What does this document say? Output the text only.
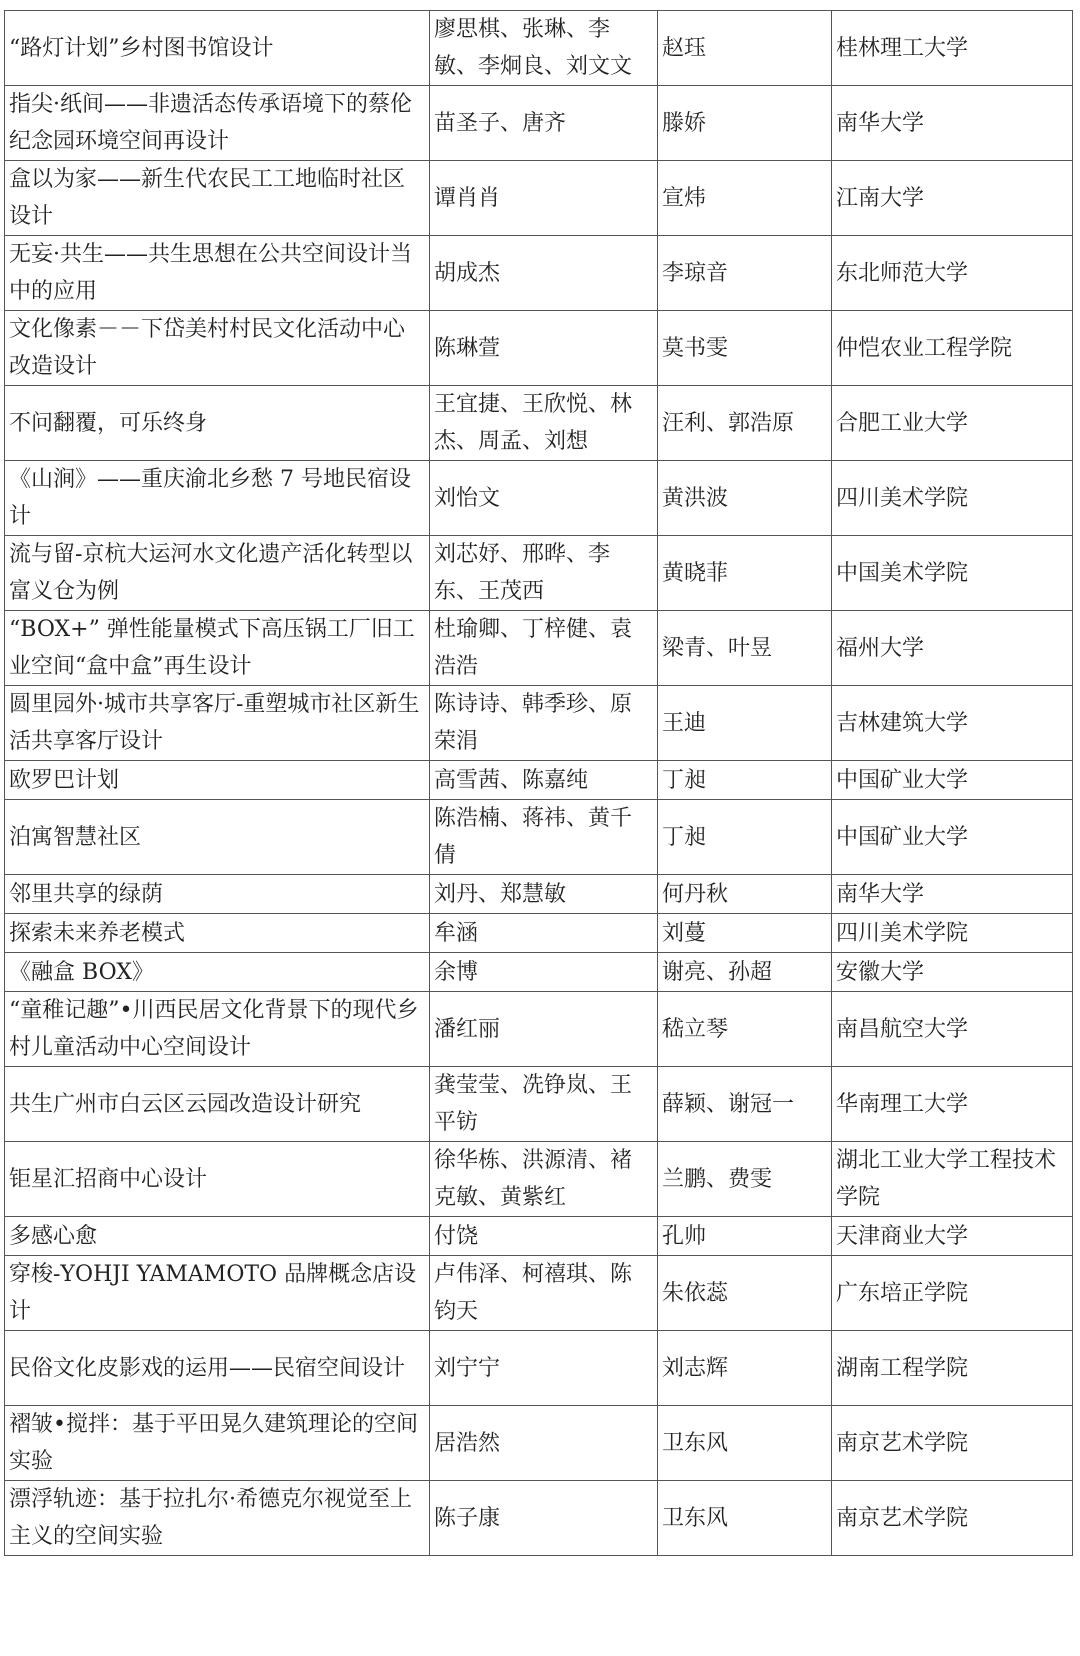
“路灯计划”乡村图书馆设计	廖思棋、张琳、李敏、李炯良、刘文文	赵珏	桂林理工大学
指尖·纸间——非遗活态传承语境下的蔡伦纪念园环境空间再设计	苗圣子、唐齐	滕娇	南华大学
盒以为家——新生代农民工工地临时社区设计	谭肖肖	宣炜	江南大学
无妄·共生——共生思想在公共空间设计当中的应用	胡成杰	李琼音	东北师范大学
文化像素－－下岱美村村民文化活动中心改造设计	陈琳萱	莫书雯	仲恺农业工程学院
不问翻覆，可乐终身	王宜捷、王欣悦、林杰、周孟、刘想	汪利、郭浩原	合肥工业大学
《山涧》——重庆渝北乡愁 7 号地民宿设计	刘怡文	黄洪波	四川美术学院
流与留-京杭大运河水文化遗产活化转型以富义仓为例	刘芯妤、邢晔、李东、王茂西	黄晓菲	中国美术学院
“BOX+” 弹性能量模式下高压锅工厂旧工业空间“盒中盒”再生设计	杜瑜卿、丁梓健、袁浩浩	梁青、叶昱	福州大学
圆里园外·城市共享客厅-重塑城市社区新生活共享客厅设计	陈诗诗、韩季珍、原荣涓	王迪	吉林建筑大学
欧罗巴计划	高雪茜、陈嘉纯	丁昶	中国矿业大学
泊寓智慧社区	陈浩楠、蒋祎、黄千倩	丁昶	中国矿业大学
邻里共享的绿荫	刘丹、郑慧敏	何丹秋	南华大学
探索未来养老模式	牟涵	刘蔓	四川美术学院
《融盒 BOX》	余博	谢亮、孙超	安徽大学
“童稚记趣”•川西民居文化背景下的现代乡村儿童活动中心空间设计	潘红丽	嵇立琴	南昌航空大学
共生广州市白云区云园改造设计研究	龚莹莹、冼铮岚、王平钫	薛颖、谢冠一	华南理工大学
钜星汇招商中心设计	徐华栋、洪源清、褚克敏、黄紫红	兰鹏、费雯	湖北工业大学工程技术学院
多感心愈	付饶	孔帅	天津商业大学
穿梭-YOHJI YAMAMOTO 品牌概念店设计	卢伟泽、柯禧琪、陈钧天	朱依蕊	广东培正学院
民俗文化皮影戏的运用——民宿空间设计	刘宁宁	刘志辉	湖南工程学院
褶皱•搅拌：基于平田晃久建筑理论的空间实验	居浩然	卫东风	南京艺术学院
漂浮轨迹：基于拉扎尔·希德克尔视觉至上主义的空间实验	陈子康	卫东风	南京艺术学院
